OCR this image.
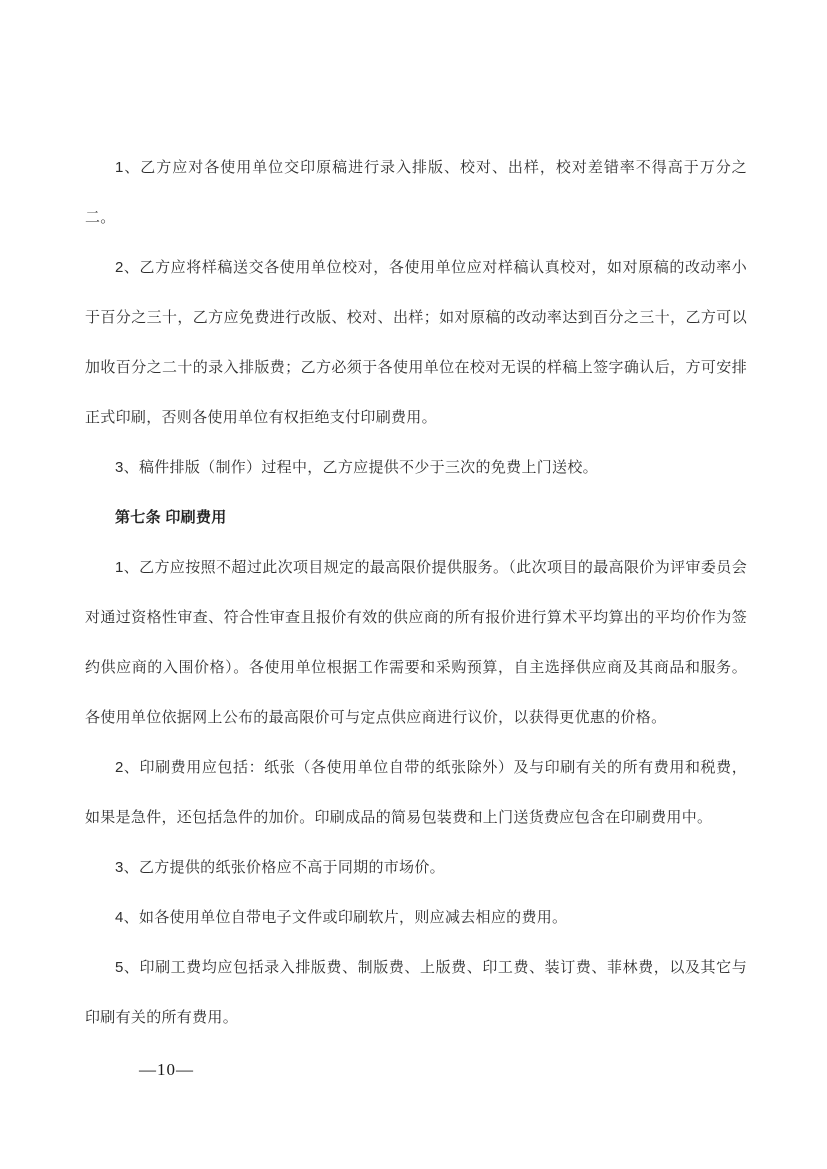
1、乙方应对各使用单位交印原稿进行录入排版、校对、出样，校对差错率不得高于万分之二。

2、乙方应将样稿送交各使用单位校对，各使用单位应对样稿认真校对，如对原稿的改动率小于百分之三十，乙方应免费进行改版、校对、出样；如对原稿的改动率达到百分之三十，乙方可以加收百分之二十的录入排版费；乙方必须于各使用单位在校对无误的样稿上签字确认后，方可安排正式印刷，否则各使用单位有权拒绝支付印刷费用。

3、稿件排版（制作）过程中，乙方应提供不少于三次的免费上门送校。

第七条 印刷费用

1、乙方应按照不超过此次项目规定的最高限价提供服务。（此次项目的最高限价为评审委员会对通过资格性审查、符合性审查且报价有效的供应商的所有报价进行算术平均算出的平均价作为签约供应商的入围价格）。各使用单位根据工作需要和采购预算，自主选择供应商及其商品和服务。各使用单位依据网上公布的最高限价可与定点供应商进行议价，以获得更优惠的价格。

2、印刷费用应包括：纸张（各使用单位自带的纸张除外）及与印刷有关的所有费用和税费，如果是急件，还包括急件的加价。印刷成品的简易包装费和上门送货费应包含在印刷费用中。

3、乙方提供的纸张价格应不高于同期的市场价。

4、如各使用单位自带电子文件或印刷软片，则应减去相应的费用。

5、印刷工费均应包括录入排版费、制版费、上版费、印工费、装订费、菲林费，以及其它与印刷有关的所有费用。

—10—
